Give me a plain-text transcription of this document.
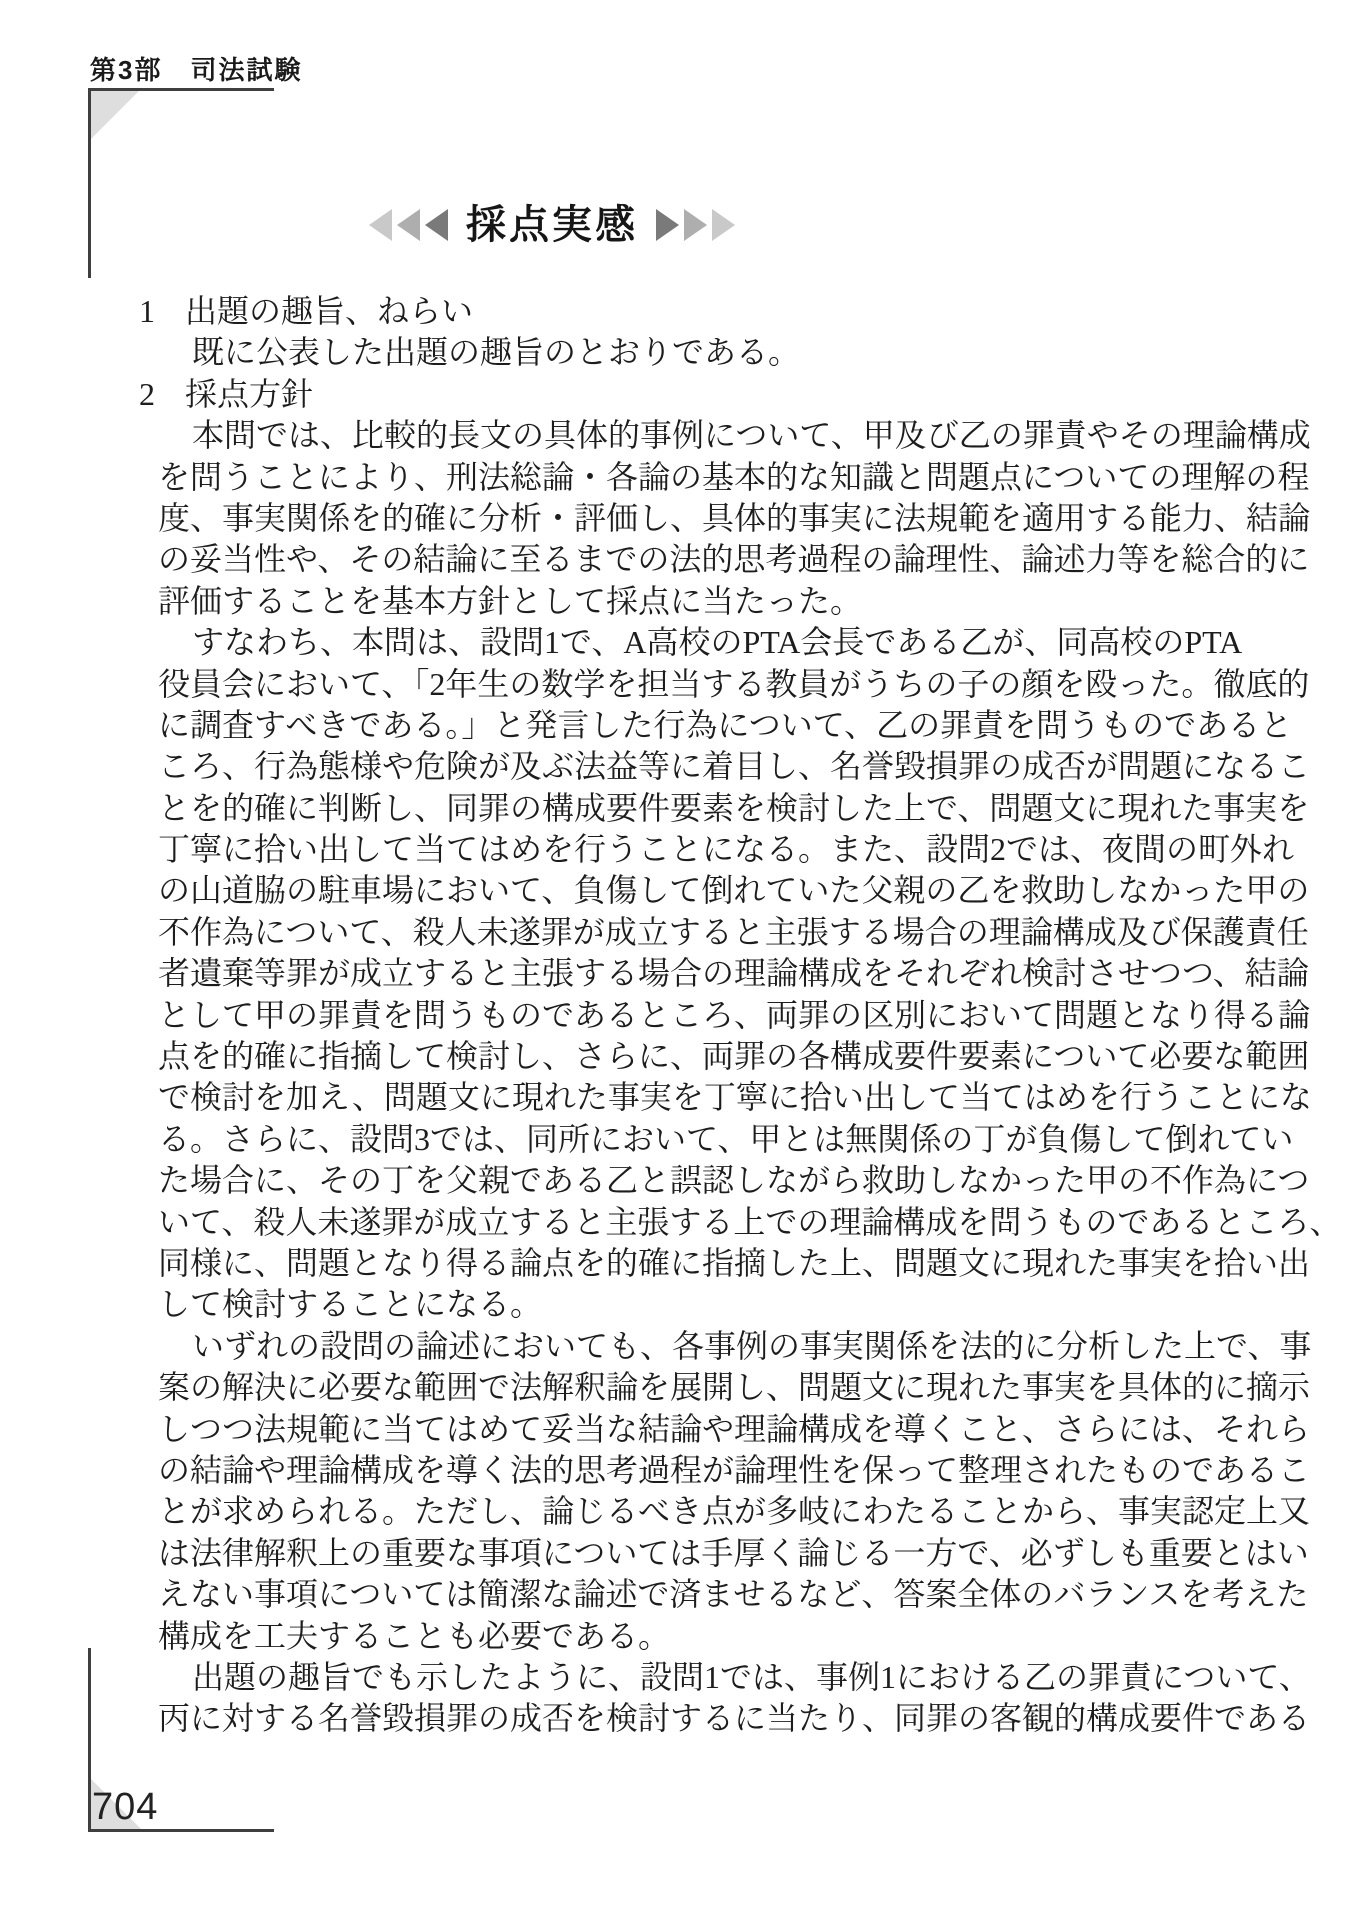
第3部　司法試験
採点実感
1 出題の趣旨、ねらい
既に公表した出題の趣旨のとおりである。
2 採点方針
本問では、比較的長文の具体的事例について、甲及び乙の罪責やその理論構成
を問うことにより、刑法総論・各論の基本的な知識と問題点についての理解の程
度、事実関係を的確に分析・評価し、具体的事実に法規範を適用する能力、結論
の妥当性や、その結論に至るまでの法的思考過程の論理性、論述力等を総合的に
評価することを基本方針として採点に当たった。
すなわち、本問は、設問1で、A高校のPTA会長である乙が、同高校のPTA
役員会において、「2年生の数学を担当する教員がうちの子の顔を殴った。徹底的
に調査すべきである。」と発言した行為について、乙の罪責を問うものであると
ころ、行為態様や危険が及ぶ法益等に着目し、名誉毀損罪の成否が問題になるこ
とを的確に判断し、同罪の構成要件要素を検討した上で、問題文に現れた事実を
丁寧に拾い出して当てはめを行うことになる。また、設問2では、夜間の町外れ
の山道脇の駐車場において、負傷して倒れていた父親の乙を救助しなかった甲の
不作為について、殺人未遂罪が成立すると主張する場合の理論構成及び保護責任
者遺棄等罪が成立すると主張する場合の理論構成をそれぞれ検討させつつ、結論
として甲の罪責を問うものであるところ、両罪の区別において問題となり得る論
点を的確に指摘して検討し、さらに、両罪の各構成要件要素について必要な範囲
で検討を加え、問題文に現れた事実を丁寧に拾い出して当てはめを行うことにな
る。さらに、設問3では、同所において、甲とは無関係の丁が負傷して倒れてい
た場合に、その丁を父親である乙と誤認しながら救助しなかった甲の不作為につ
いて、殺人未遂罪が成立すると主張する上での理論構成を問うものであるところ、
同様に、問題となり得る論点を的確に指摘した上、問題文に現れた事実を拾い出
して検討することになる。
いずれの設問の論述においても、各事例の事実関係を法的に分析した上で、事
案の解決に必要な範囲で法解釈論を展開し、問題文に現れた事実を具体的に摘示
しつつ法規範に当てはめて妥当な結論や理論構成を導くこと、さらには、それら
の結論や理論構成を導く法的思考過程が論理性を保って整理されたものであるこ
とが求められる。ただし、論じるべき点が多岐にわたることから、事実認定上又
は法律解釈上の重要な事項については手厚く論じる一方で、必ずしも重要とはい
えない事項については簡潔な論述で済ませるなど、答案全体のバランスを考えた
構成を工夫することも必要である。
出題の趣旨でも示したように、設問1では、事例1における乙の罪責について、
丙に対する名誉毀損罪の成否を検討するに当たり、同罪の客観的構成要件である
704
